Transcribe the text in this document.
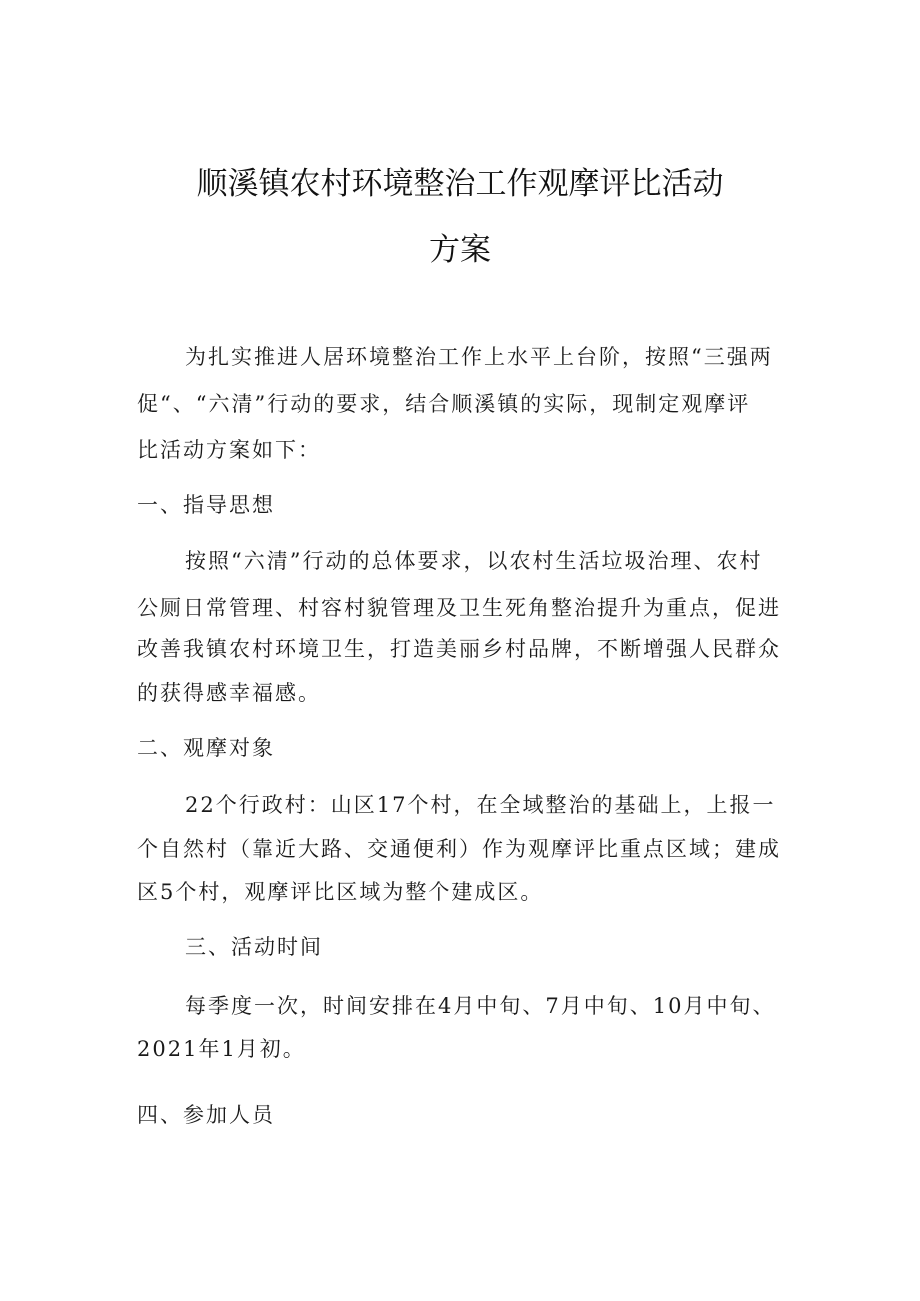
顺溪镇农村环境整治工作观摩评比活动
方案
为扎实推进人居环境整治工作上水平上台阶，按照“三强两
促“、“六清”行动的要求，结合顺溪镇的实际，现制定观摩评
比活动方案如下：
一、指导思想
按照“六清”行动的总体要求，以农村生活垃圾治理、农村
公厕日常管理、村容村貌管理及卫生死角整治提升为重点，促进
改善我镇农村环境卫生，打造美丽乡村品牌，不断增强人民群众
的获得感幸福感。
二、观摩对象
22个行政村：山区17个村，在全域整治的基础上，上报一
个自然村（靠近大路、交通便利）作为观摩评比重点区域；建成
区5个村，观摩评比区域为整个建成区。
三、活动时间
每季度一次，时间安排在4月中旬、7月中旬、10月中旬、
2021年1月初。
四、参加人员
